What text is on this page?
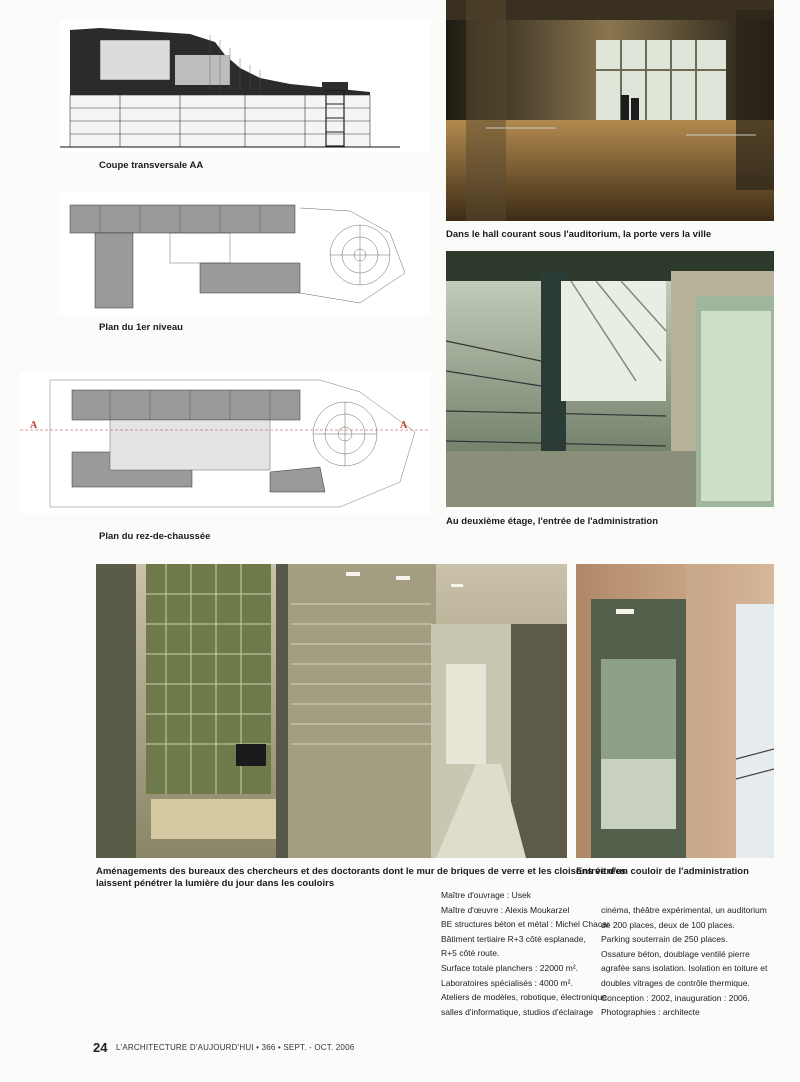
Coupe transversale AA
Plan du 1er niveau
A	A
Plan du rez-de-chaussée
Dans le hall courant sous l'auditorium, la porte vers la ville
Au deuxième étage, l'entrée de l'administration
Aménagements des bureaux des chercheurs et des doctorants dont le mur de briques de verre et les cloisons vitrées
laissent pénétrer la lumière du jour dans les couloirs
Entrée d'un couloir de l'administration
Maître d'ouvrage : Usek
Maître d'œuvre : Alexis Moukarzel
BE structures béton et métal : Michel Chacar
Bâtiment tertiaire R+3 côté esplanade,
R+5 côté route.
Surface totale planchers : 22000 m².
Laboratoires spécialisés : 4000 m².
Ateliers de modèles, robotique, électronique,
salles d'informatique, studios d'éclairage
cinéma, théâtre expérimental, un auditorium
de 200 places, deux de 100 places.
Parking souterrain de 250 places.
Ossature béton, doublage ventilé pierre
agrafée sans isolation. Isolation en toiture et
doubles vitrages de contrôle thermique.
Conception : 2002, inauguration : 2006.
Photographies : architecte
24 L'ARCHITECTURE D'AUJOURD'HUI • 366 • SEPT. - OCT. 2006
